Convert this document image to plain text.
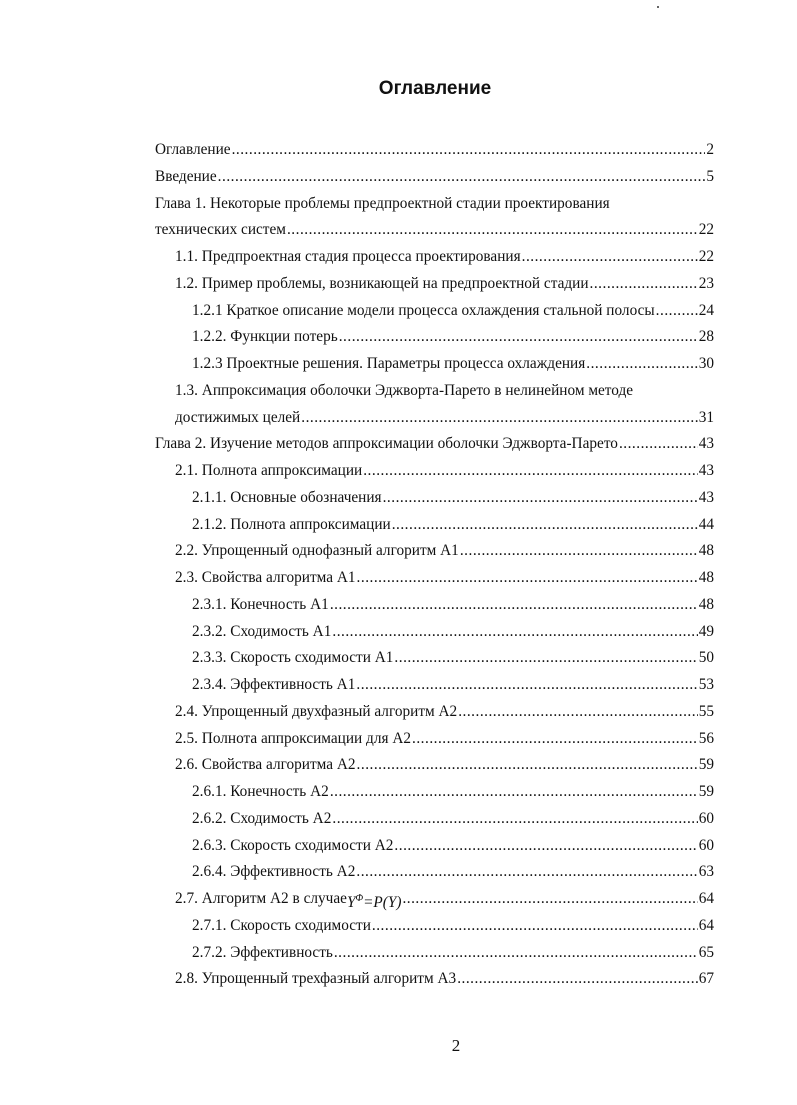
Оглавление
Оглавление .....	2
Введение .....	5
Глава 1. Некоторые проблемы предпроектной стадии проектирования
технических систем .....	22
1.1. Предпроектная стадия процесса проектирования .....	22
1.2. Пример проблемы, возникающей на предпроектной стадии .....	23
1.2.1 Краткое описание модели процесса охлаждения стальной полосы .....	24
1.2.2. Функции потерь .....	28
1.2.3 Проектные решения. Параметры процесса охлаждения .....	30
1.3. Аппроксимация оболочки Эджворта-Парето в нелинейном методе
достижимых целей .....	31
Глава 2. Изучение методов аппроксимации оболочки Эджворта-Парето .....	43
2.1. Полнота аппроксимации .....	43
2.1.1. Основные обозначения .....	43
2.1.2. Полнота аппроксимации .....	44
2.2. Упрощенный однофазный алгоритм A1 .....	48
2.3. Свойства алгоритма A1 .....	48
2.3.1. Конечность A1 .....	48
2.3.2. Сходимость A1 .....	49
2.3.3. Скорость сходимости A1 .....	50
2.3.4. Эффективность A1 .....	53
2.4. Упрощенный двухфазный алгоритм A2 .....	55
2.5. Полнота аппроксимации для A2 .....	56
2.6. Свойства алгоритма A2 .....	59
2.6.1. Конечность A2 .....	59
2.6.2. Сходимость A2 .....	60
2.6.3. Скорость сходимости A2 .....	60
2.6.4. Эффективность A2 .....	63
2.7. Алгоритм A2 в случае $Y^\Phi=P(Y)$ .....	64
2.7.1. Скорость сходимости .....	64
2.7.2. Эффективность .....	65
2.8. Упрощенный трехфазный алгоритм A3 .....	67
2
